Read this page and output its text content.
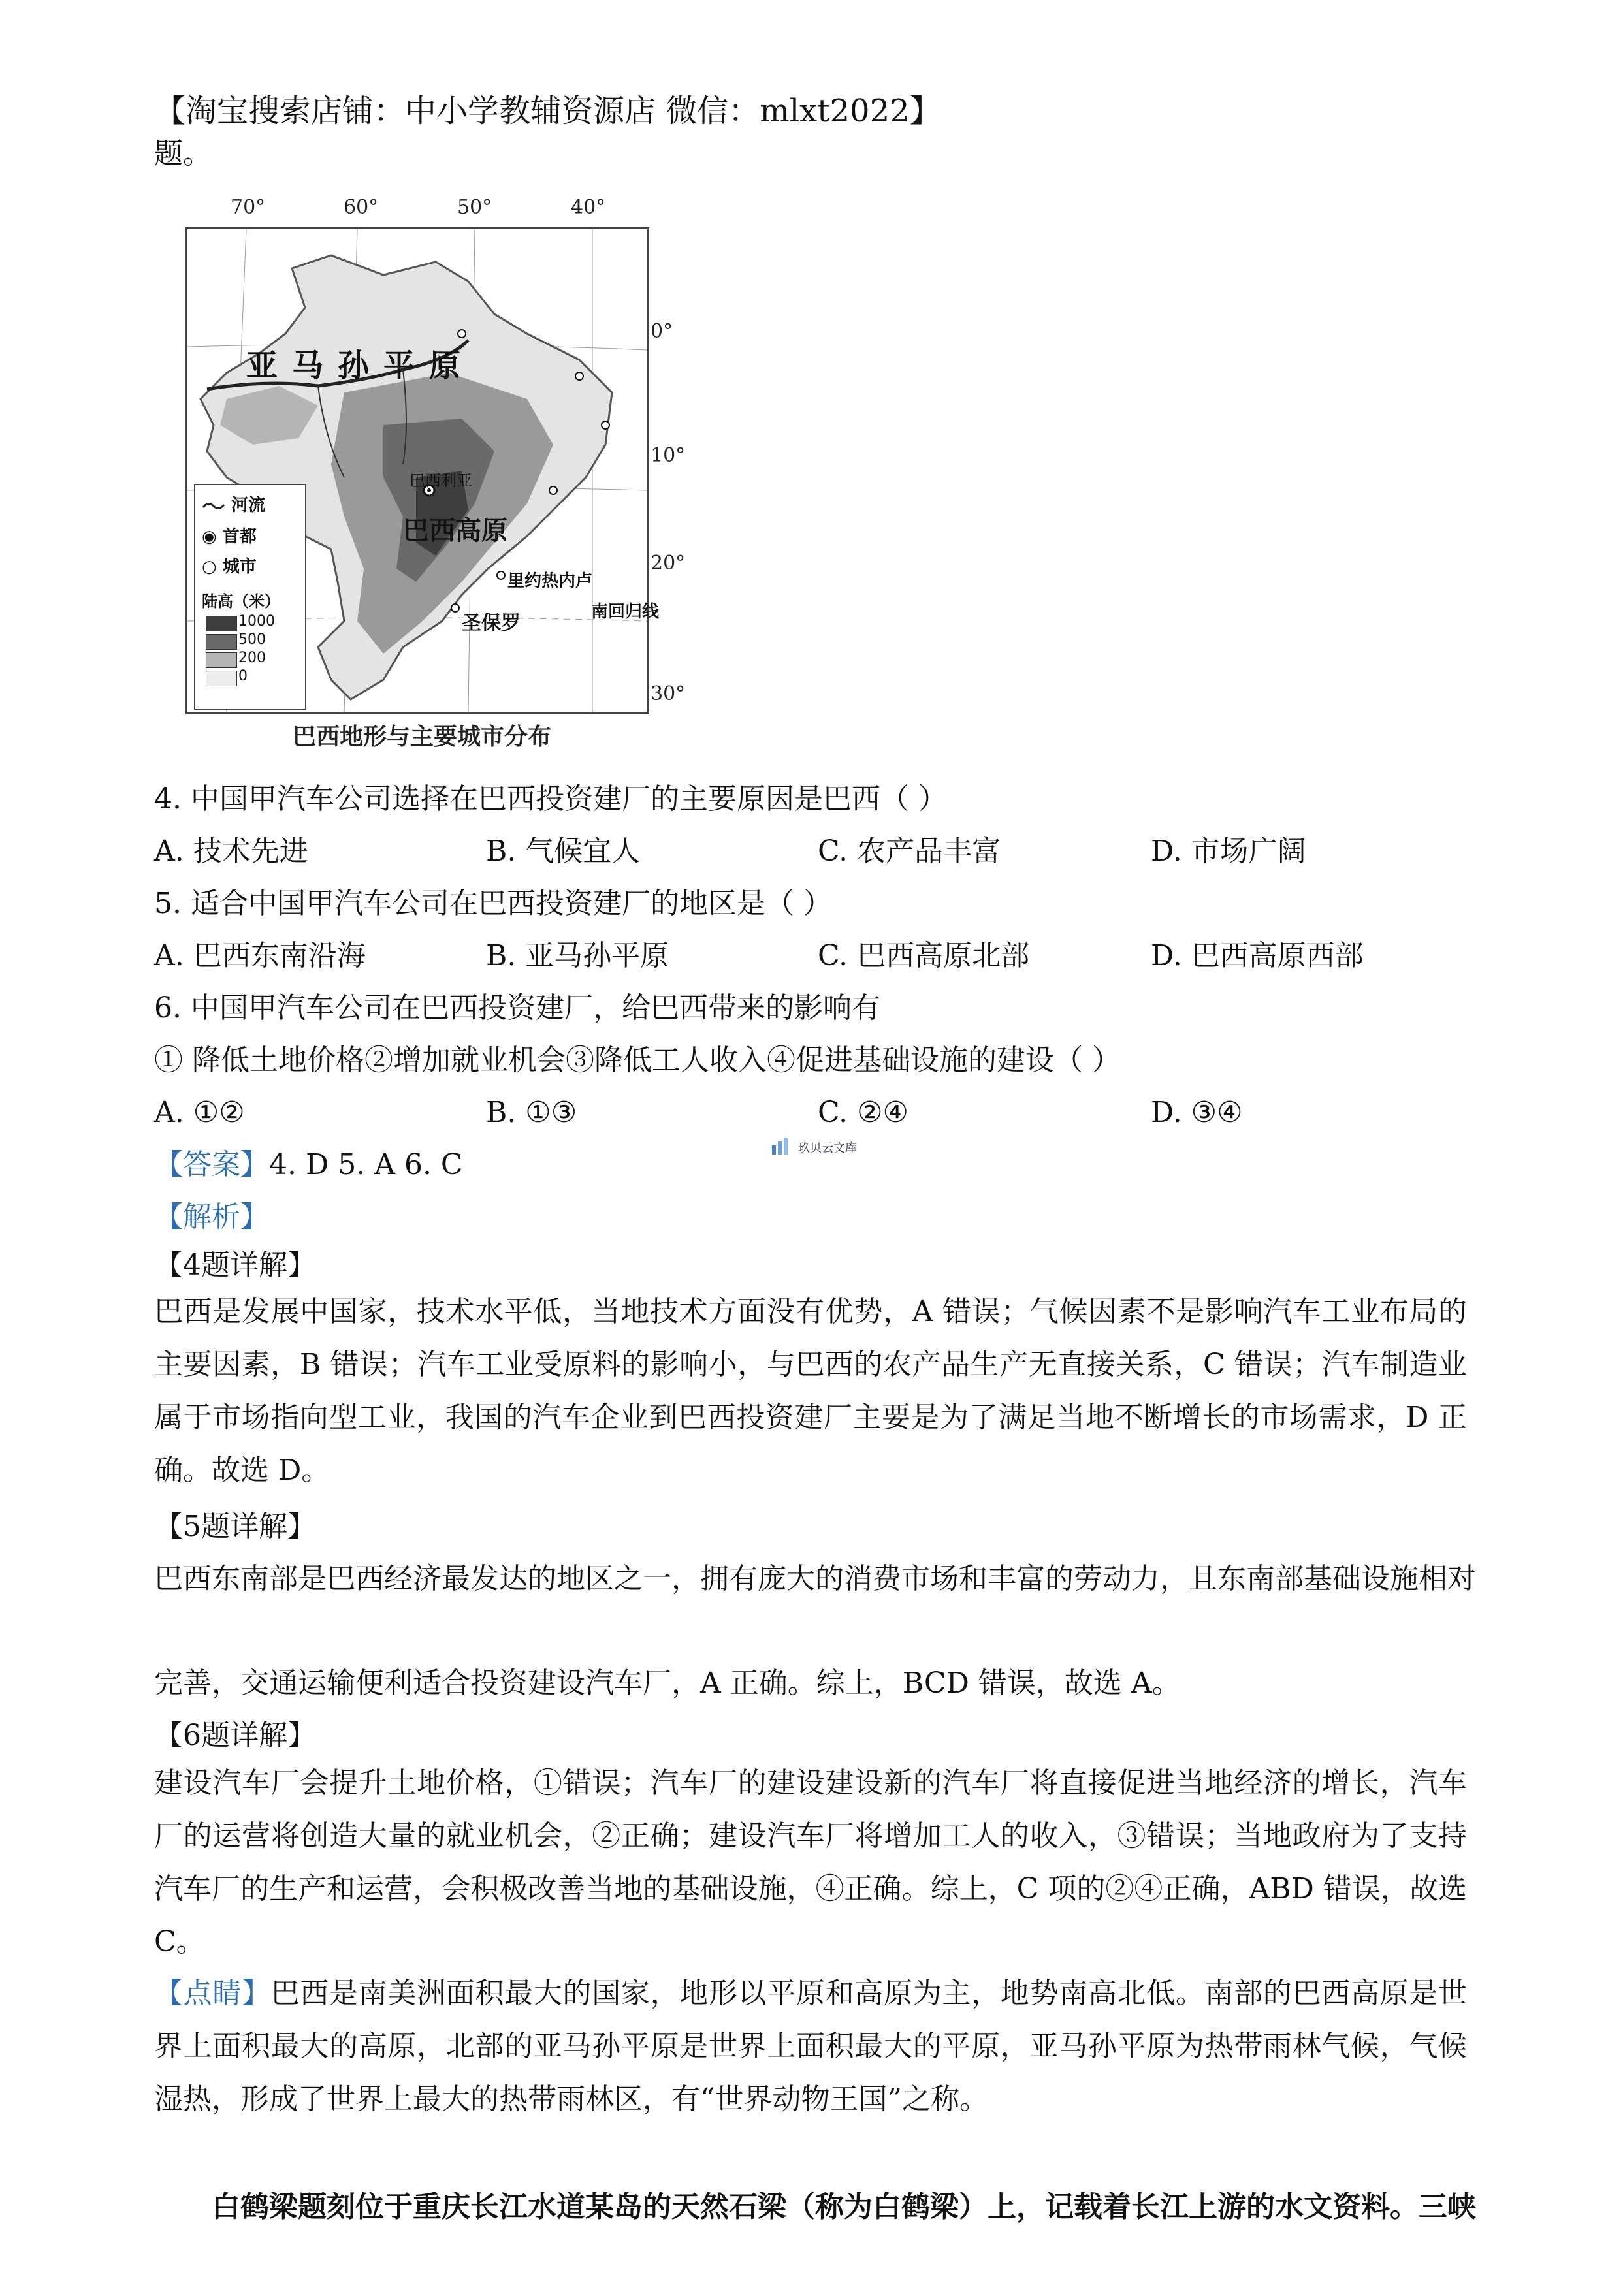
【淘宝搜索店铺：中小学教辅资源店 微信：mlxt2022】
题。
70°	60°	50°	40°
亚马孙平原
巴西高原
巴西利亚
里约热内卢
圣保罗	南回归线
河流
◉ 首都
○ 城市
陆高（米）
1000
500
200
0
0°
10°
20°
30°
巴西地形与主要城市分布
4. 中国甲汽车公司选择在巴西投资建厂的主要原因是巴西（ ）
A. 技术先进	B. 气候宜人	C. 农产品丰富	D. 市场广阔
5. 适合中国甲汽车公司在巴西投资建厂的地区是（ ）
A. 巴西东南沿海	B. 亚马孙平原	C. 巴西高原北部	D. 巴西高原西部
6. 中国甲汽车公司在巴西投资建厂，给巴西带来的影响有
① 降低土地价格②增加就业机会③降低工人收入④促进基础设施的建设（ ）
A. ①②	B. ①③	C. ②④	D. ③④
【答案】4. D 5. A 6. C	玖贝云文库
【解析】
【4题详解】
巴西是发展中国家，技术水平低，当地技术方面没有优势，A 错误；气候因素不是影响汽车工业布局的主要因素，B 错误；汽车工业受原料的影响小，与巴西的农产品生产无直接关系，C 错误；汽车制造业属于市场指向型工业，我国的汽车企业到巴西投资建厂主要是为了满足当地不断增长的市场需求，D 正确。故选 D。
【5题详解】
巴西东南部是巴西经济最发达的地区之一，拥有庞大的消费市场和丰富的劳动力，且东南部基础设施相对
完善，交通运输便利适合投资建设汽车厂，A 正确。综上，BCD 错误，故选 A。
【6题详解】
建设汽车厂会提升土地价格，①错误；汽车厂的建设建设新的汽车厂将直接促进当地经济的增长，汽车厂的运营将创造大量的就业机会，②正确；建设汽车厂将增加工人的收入，③错误；当地政府为了支持汽车厂的生产和运营，会积极改善当地的基础设施，④正确。综上，C 项的②④正确，ABD 错误，故选 C。
【点睛】巴西是南美洲面积最大的国家，地形以平原和高原为主，地势南高北低。南部的巴西高原是世界上面积最大的高原，北部的亚马孙平原是世界上面积最大的平原，亚马孙平原为热带雨林气候，气候湿热，形成了世界上最大的热带雨林区，有“世界动物王国”之称。
白鹤梁题刻位于重庆长江水道某岛的天然石梁（称为白鹤梁）上，记载着长江上游的水文资料。三峡
